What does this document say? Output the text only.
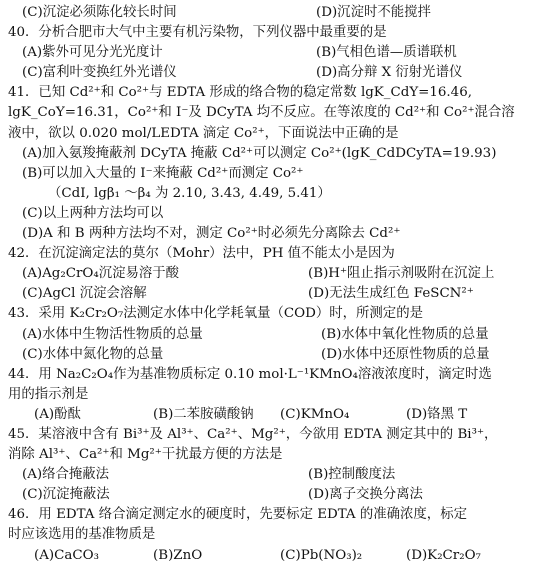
(C)沉淀必须陈化较长时间	(D)沉淀时不能搅拌
40．分析合肥市大气中主要有机污染物，下列仪器中最重要的是
(A)紫外可见分光光度计	(B)气相色谱—质谱联机
(C)富利叶变换红外光谱仪	(D)高分辩 X 衍射光谱仪
41．已知 Cd²⁺和 Co²⁺与 EDTA 形成的络合物的稳定常数 lgK_CdY=16.46,
lgK_CoY=16.31，Co²⁺和 I⁻及 DCyTA 均不反应。在等浓度的 Cd²⁺和 Co²⁺混合溶
液中，欲以 0.020 mol/LEDTA 滴定 Co²⁺，下面说法中正确的是
(A)加入氨羧掩蔽剂 DCyTA 掩蔽 Cd²⁺可以测定 Co²⁺(lgK_CdDCyTA=19.93)
(B)可以加入大量的 I⁻来掩蔽 Cd²⁺而测定 Co²⁺
（CdI, lgβ₁ ～β₄ 为 2.10, 3.43, 4.49, 5.41）
(C)以上两种方法均可以
(D)A 和 B 两种方法均不对，测定 Co²⁺时必须先分离除去 Cd²⁺
42．在沉淀滴定法的莫尔（Mohr）法中，PH 值不能太小是因为
(A)Ag₂CrO₄沉淀易溶于酸	(B)H⁺阻止指示剂吸附在沉淀上
(C)AgCl 沉淀会溶解	(D)无法生成红色 FeSCN²⁺
43．采用 K₂Cr₂O₇法测定水体中化学耗氧量（COD）时，所测定的是
(A)水体中生物活性物质的总量	(B)水体中氧化性物质的总量
(C)水体中氮化物的总量	(D)水体中还原性物质的总量
44．用 Na₂C₂O₄作为基准物质标定 0.10 mol·L⁻¹KMnO₄溶液浓度时，滴定时选
用的指示剂是
(A)酚酞	(B)二苯胺磺酸钠 (C)KMnO₄	(D)铬黑 T
45．某溶液中含有 Bi³⁺及 Al³⁺、Ca²⁺、Mg²⁺，今欲用 EDTA 测定其中的 Bi³⁺，
消除 Al³⁺、Ca²⁺和 Mg²⁺干扰最方便的方法是
(A)络合掩蔽法	(B)控制酸度法
(C)沉淀掩蔽法	(D)离子交换分离法
46．用 EDTA 络合滴定测定水的硬度时，先要标定 EDTA 的准确浓度，标定
时应该选用的基准物质是
(A)CaCO₃	(B)ZnO	(C)Pb(NO₃)₂	(D)K₂Cr₂O₇
